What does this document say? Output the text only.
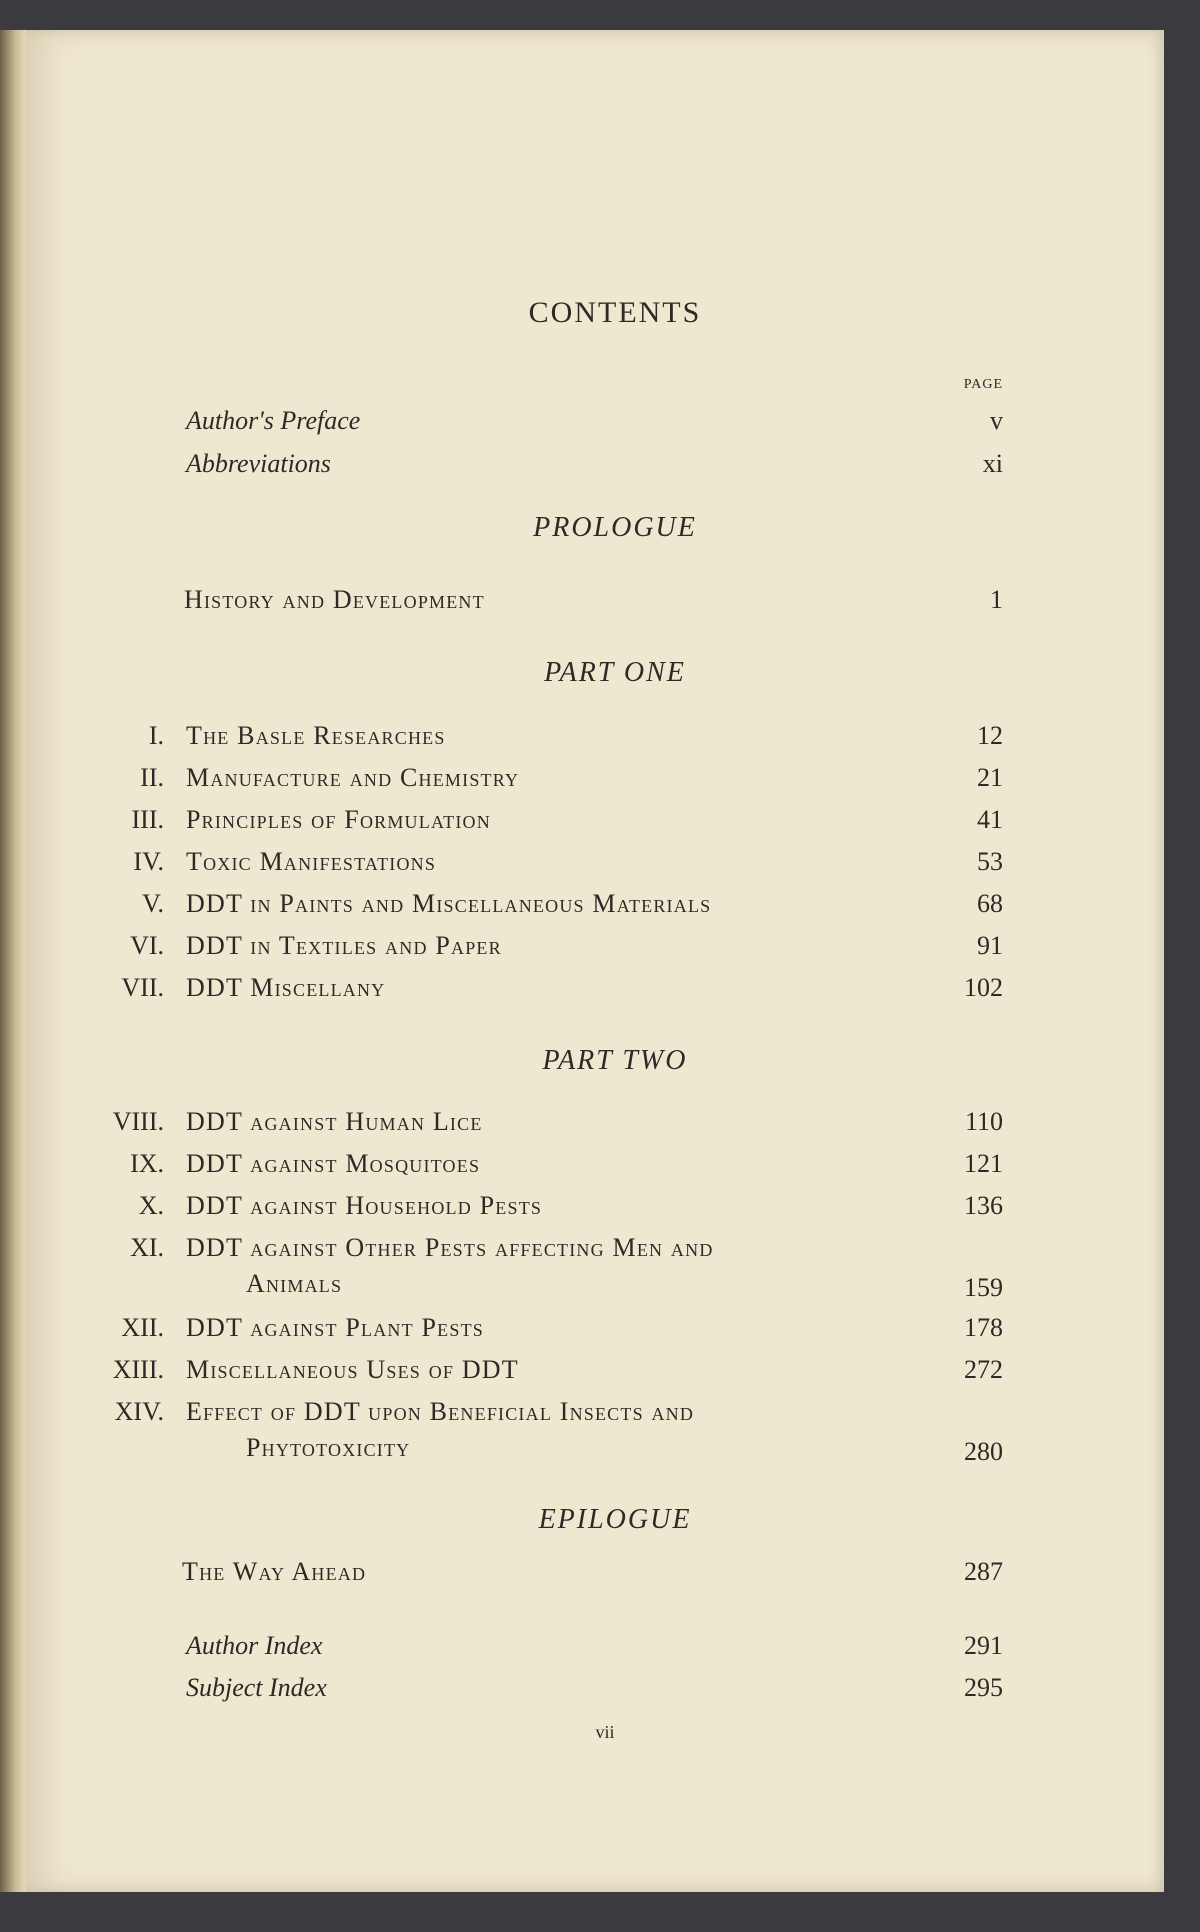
CONTENTS
PAGE
Author's Preface	v
Abbreviations	xi
PROLOGUE
History and Development	1
PART ONE
I. The Basle Researches	12
II. Manufacture and Chemistry	21
III. Principles of Formulation	41
IV. Toxic Manifestations	53
V. DDT in Paints and Miscellaneous Materials	68
VI. DDT in Textiles and Paper	91
VII. DDT Miscellany	102
PART TWO
VIII. DDT against Human Lice	110
IX. DDT against Mosquitoes	121
X. DDT against Household Pests	136
XI. DDT against Other Pests affecting Men and
Animals	159
XII. DDT against Plant Pests	178
XIII. Miscellaneous Uses of DDT	272
XIV. Effect of DDT upon Beneficial Insects and
Phytotoxicity	280
EPILOGUE
The Way Ahead	287
Author Index	291
Subject Index	295
vii
